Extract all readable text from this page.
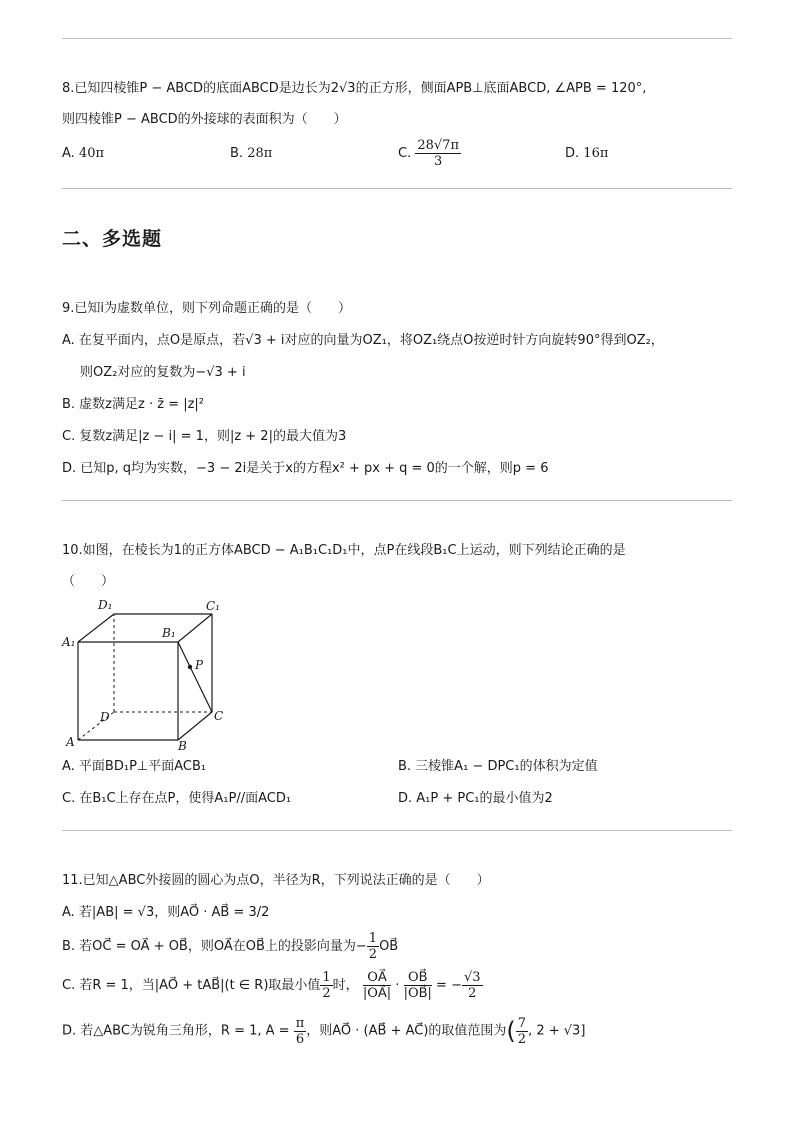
8.已知四棱锥P − ABCD的底面ABCD是边长为2√3的正方形，侧面APB⊥底面ABCD, ∠APB = 120°,
则四棱锥P − ABCD的外接球的表面积为（　　）
A. 40π	B. 28π	C. $\frac{28√7\pi}{3}$	D. 16π
二、多选题
9.已知i为虚数单位，则下列命题正确的是（　　）
A. 在复平面内，点O是原点，若√3 + i对应的向量为OZ₁，将OZ₁绕点O按逆时针方向旋转90°得到OZ₂，
则OZ₂对应的复数为−√3 + i
B. 虚数z满足z · z̄ = |z|²
C. 复数z满足|z − i| = 1，则|z + 2|的最大值为3
D. 已知p, q均为实数，−3 − 2i是关于x的方程x² + px + q = 0的一个解，则p = 6
10.如图，在棱长为1的正方体ABCD − A₁B₁C₁D₁中，点P在线段B₁C上运动，则下列结论正确的是
（　　）
D₁	C₁
A₁
B₁
P
D	C
A	B
A. 平面BD₁P⊥平面ACB₁	B. 三棱锥A₁ − DPC₁的体积为定值
C. 在B₁C上存在点P，使得A₁P//面ACD₁	D. A₁P + PC₁的最小值为2
11.已知△ABC外接圆的圆心为点O，半径为R，下列说法正确的是（　　）
A. 若|AB| = √3，则AO⃗ · AB⃗ = 3/2
B. 若OC⃗ = OA⃗ + OB⃗，则OA⃗在OB⃗上的投影向量为− $\frac{1}{2}$ OB⃗
C. 若R = 1，当|AO⃗ + tAB⃗|(t ∈ R)取最小值 $\frac{1}{2}$ 时， $\frac{OA⃗}{|OA⃗|} \cdot \frac{OB⃗}{|OB⃗|}$ = − $\frac{√3}{2}$
D. 若△ABC为锐角三角形，R = 1, $A = \frac{\pi}{6}$ ，则AO⃗ · (AB⃗ + AC⃗)的取值范围为( $\frac{7}{2}$ , 2 + √3]
